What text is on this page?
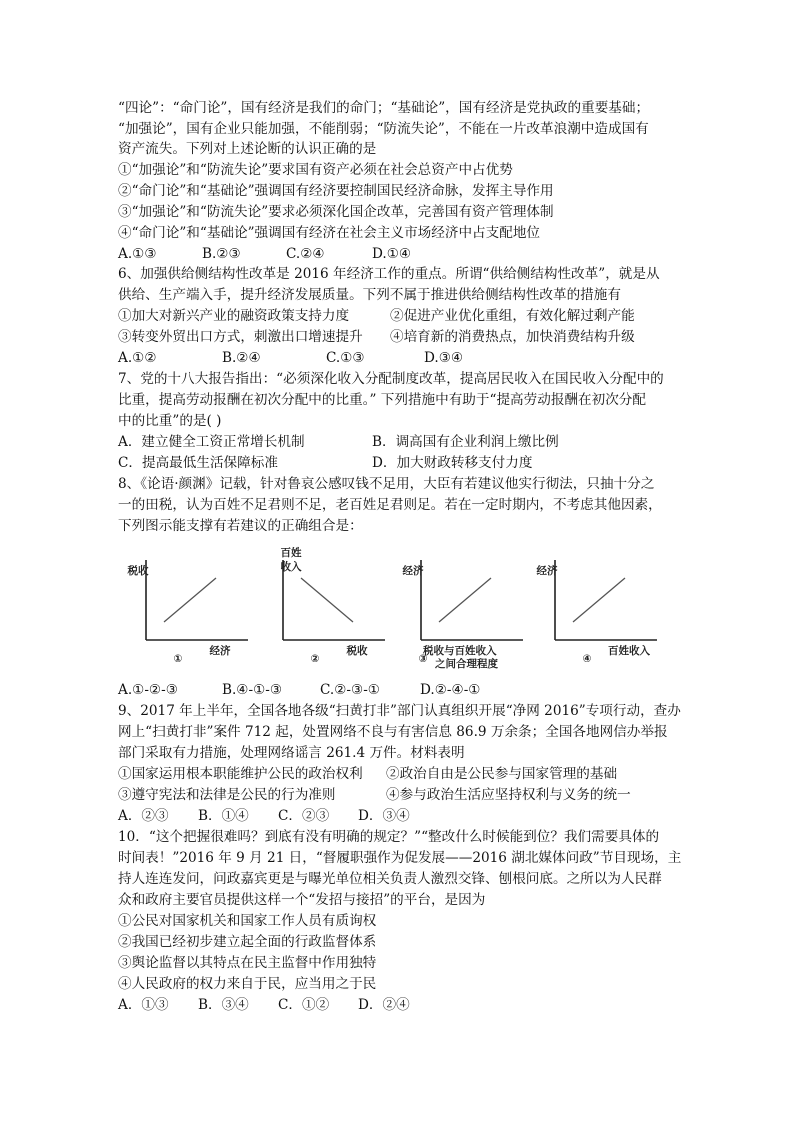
“四论”：“命门论”，国有经济是我们的命门；“基础论”，国有经济是党执政的重要基础；
“加强论”，国有企业只能加强，不能削弱；“防流失论”，不能在一片改革浪潮中造成国有
资产流失。下列对上述论断的认识正确的是
①“加强论”和“防流失论”要求国有资产必须在社会总资产中占优势
②“命门论”和“基础论”强调国有经济要控制国民经济命脉，发挥主导作用
③“加强论”和“防流失论”要求必须深化国企改革，完善国有资产管理体制
④“命门论”和“基础论”强调国有经济在社会主义市场经济中占支配地位
A.①③	B.②③	C.②④	D.①④
6、加强供给侧结构性改革是 2016 年经济工作的重点。所谓“供给侧结构性改革”，就是从
供给、生产端入手，提升经济发展质量。下列不属于推进供给侧结构性改革的措施有
①加大对新兴产业的融资政策支持力度	②促进产业优化重组，有效化解过剩产能
③转变外贸出口方式，刺激出口增速提升 ④培育新的消费热点，加快消费结构升级
A.①②	B.②④	C.①③	D.③④
7、党的十八大报告指出：“必须深化收入分配制度改革，提高居民收入在国民收入分配中的
比重，提高劳动报酬在初次分配中的比重。” 下列措施中有助于“提高劳动报酬在初次分配
中的比重”的是( )
A．建立健全工资正常增长机制	B．调高国有企业利润上缴比例
C．提高最低生活保障标准	D．加大财政转移支付力度
8、《论语·颜渊》记载，针对鲁哀公感叹钱不足用，大臣有若建议他实行彻法，只抽十分之
一的田税，认为百姓不足君则不足，老百姓足君则足。若在一定时期内，不考虑其他因素，
下列图示能支撑有若建议的正确组合是：
税收
经济
①
百姓收入
税收
②
经济
税收与百姓收入之间合理程度
③
经济
百姓收入
④
A.①-②-③	B.④-①-③	C.②-③-①	D.②-④-①
9、2017 年上半年，全国各地各级“扫黄打非”部门认真组织开展“净网 2016”专项行动，查办
网上“扫黄打非”案件 712 起，处置网络不良与有害信息 86.9 万余条；全国各地网信办举报
部门采取有力措施，处理网络谣言 261.4 万件。材料表明
①国家运用根本职能维护公民的政治权利 ②政治自由是公民参与国家管理的基础
③遵守宪法和法律是公民的行为准则	④参与政治生活应坚持权利与义务的统一
A．②③ B．①④ C．②③ D．③④
10．“这个把握很难吗？到底有没有明确的规定？”“整改什么时候能到位？我们需要具体的
时间表！”2016 年 9 月 21 日，“督履职强作为促发展——2016 湖北媒体问政”节目现场，主
持人连连发问，问政嘉宾更是与曝光单位相关负责人激烈交锋、刨根问底。之所以为人民群
众和政府主要官员提供这样一个“发招与接招”的平台，是因为
①公民对国家机关和国家工作人员有质询权
②我国已经初步建立起全面的行政监督体系
③舆论监督以其特点在民主监督中作用独特
④人民政府的权力来自于民，应当用之于民
A．①③ B．③④ C．①② D．②④
